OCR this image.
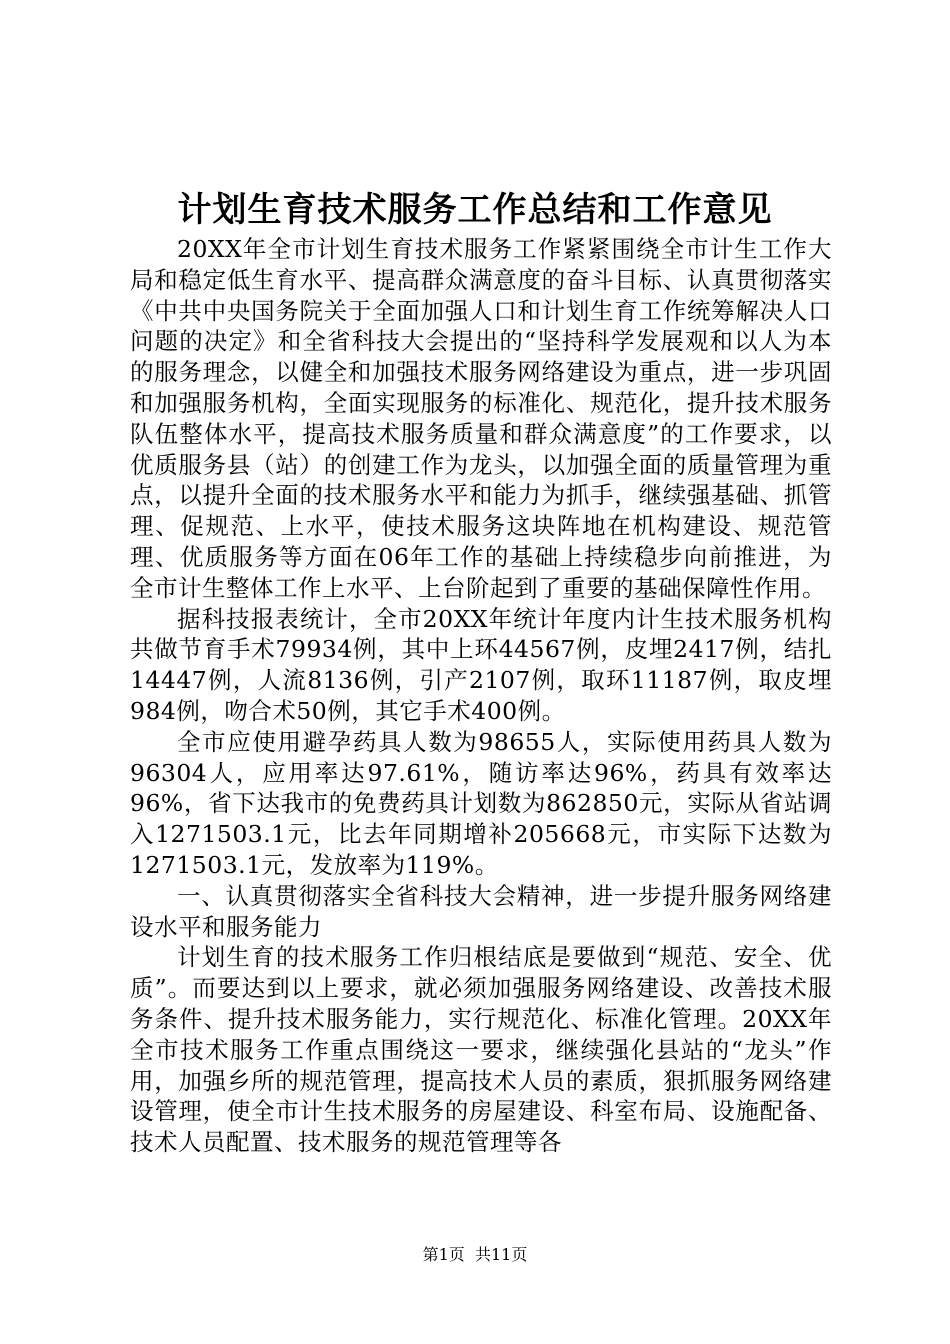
计划生育技术服务工作总结和工作意见

20XX年全市计划生育技术服务工作紧紧围绕全市计生工作大局和稳定低生育水平、提高群众满意度的奋斗目标、认真贯彻落实《中共中央国务院关于全面加强人口和计划生育工作统筹解决人口问题的决定》和全省科技大会提出的“坚持科学发展观和以人为本的服务理念，以健全和加强技术服务网络建设为重点，进一步巩固和加强服务机构，全面实现服务的标准化、规范化，提升技术服务队伍整体水平，提高技术服务质量和群众满意度”的工作要求，以优质服务县（站）的创建工作为龙头，以加强全面的质量管理为重点，以提升全面的技术服务水平和能力为抓手，继续强基础、抓管理、促规范、上水平，使技术服务这块阵地在机构建设、规范管理、优质服务等方面在06年工作的基础上持续稳步向前推进，为全市计生整体工作上水平、上台阶起到了重要的基础保障性作用。

据科技报表统计，全市20XX年统计年度内计生技术服务机构共做节育手术79934例，其中上环44567例，皮埋2417例，结扎14447例，人流8136例，引产2107例，取环11187例，取皮埋984例，吻合术50例，其它手术400例。

全市应使用避孕药具人数为98655人，实际使用药具人数为96304人，应用率达97.61%，随访率达96%，药具有效率达96%，省下达我市的免费药具计划数为862850元，实际从省站调入1271503.1元，比去年同期增补205668元，市实际下达数为1271503.1元，发放率为119%。

一、认真贯彻落实全省科技大会精神，进一步提升服务网络建设水平和服务能力

计划生育的技术服务工作归根结底是要做到“规范、安全、优质”。而要达到以上要求，就必须加强服务网络建设、改善技术服务条件、提升技术服务能力，实行规范化、标准化管理。20XX年全市技术服务工作重点围绕这一要求，继续强化县站的“龙头”作用，加强乡所的规范管理，提高技术人员的素质，狠抓服务网络建设管理，使全市计生技术服务的房屋建设、科室布局、设施配备、技术人员配置、技术服务的规范管理等各

第1页 共11页
